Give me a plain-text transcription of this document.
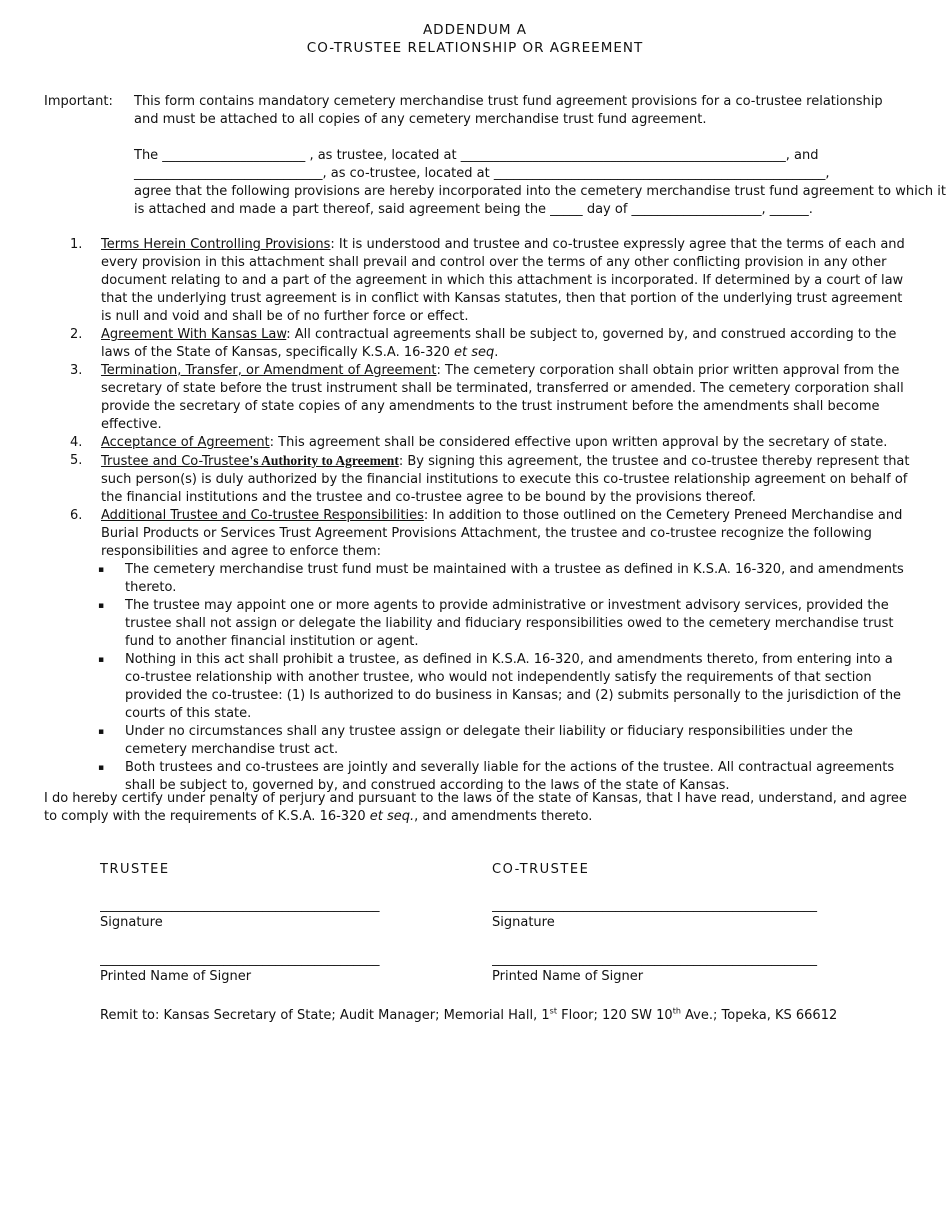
ADDENDUM A
CO-TRUSTEE RELATIONSHIP OR AGREEMENT
Important: This form contains mandatory cemetery merchandise trust fund agreement provisions for a co-trustee relationship and must be attached to all copies of any cemetery merchandise trust fund agreement.
The ______________________ , as trustee, located at __________________________________________________, and
_____________________________, as co-trustee, located at ___________________________________________________,
agree that the following provisions are hereby incorporated into the cemetery merchandise trust fund agreement to which it
is attached and made a part thereof, said agreement being the _____ day of ____________________, ______.
1.	Terms Herein Controlling Provisions: It is understood and trustee and co-trustee expressly agree that the terms of each and every provision in this attachment shall prevail and control over the terms of any other conflicting provision in any other document relating to and a part of the agreement in which this attachment is incorporated. If determined by a court of law that the underlying trust agreement is in conflict with Kansas statutes, then that portion of the underlying trust agreement is null and void and shall be of no further force or effect.
2.	Agreement With Kansas Law: All contractual agreements shall be subject to, governed by, and construed according to the laws of the State of Kansas, specifically K.S.A. 16-320 et seq.
3.	Termination, Transfer, or Amendment of Agreement: The cemetery corporation shall obtain prior written approval from the secretary of state before the trust instrument shall be terminated, transferred or amended. The cemetery corporation shall provide the secretary of state copies of any amendments to the trust instrument before the amendments shall become effective.
4.	Acceptance of Agreement: This agreement shall be considered effective upon written approval by the secretary of state.
5.	Trustee and Co-Trustee's Authority to Agreement: By signing this agreement, the trustee and co-trustee thereby represent that such person(s) is duly authorized by the financial institutions to execute this co-trustee relationship agreement on behalf of the financial institutions and the trustee and co-trustee agree to be bound by the provisions thereof.
6.	Additional Trustee and Co-trustee Responsibilities: In addition to those outlined on the Cemetery Preneed Merchandise and Burial Products or Services Trust Agreement Provisions Attachment, the trustee and co-trustee recognize the following responsibilities and agree to enforce them:
▪ The cemetery merchandise trust fund must be maintained with a trustee as defined in K.S.A. 16-320, and amendments thereto.
▪ The trustee may appoint one or more agents to provide administrative or investment advisory services, provided the trustee shall not assign or delegate the liability and fiduciary responsibilities owed to the cemetery merchandise trust fund to another financial institution or agent.
▪ Nothing in this act shall prohibit a trustee, as defined in K.S.A. 16-320, and amendments thereto, from entering into a co-trustee relationship with another trustee, who would not independently satisfy the requirements of that section provided the co-trustee: (1) Is authorized to do business in Kansas; and (2) submits personally to the jurisdiction of the courts of this state.
▪ Under no circumstances shall any trustee assign or delegate their liability or fiduciary responsibilities under the cemetery merchandise trust act.
▪ Both trustees and co-trustees are jointly and severally liable for the actions of the trustee. All contractual agreements shall be subject to, governed by, and construed according to the laws of the state of Kansas.
I do hereby certify under penalty of perjury and pursuant to the laws of the state of Kansas, that I have read, understand, and agree to comply with the requirements of K.S.A. 16-320 et seq., and amendments thereto.
TRUSTEE
___________________________________________
Signature
___________________________________________
Printed Name of Signer
CO-TRUSTEE
__________________________________________________
Signature
__________________________________________________
Printed Name of Signer
Remit to: Kansas Secretary of State; Audit Manager; Memorial Hall, 1st Floor; 120 SW 10th Ave.; Topeka, KS 66612
